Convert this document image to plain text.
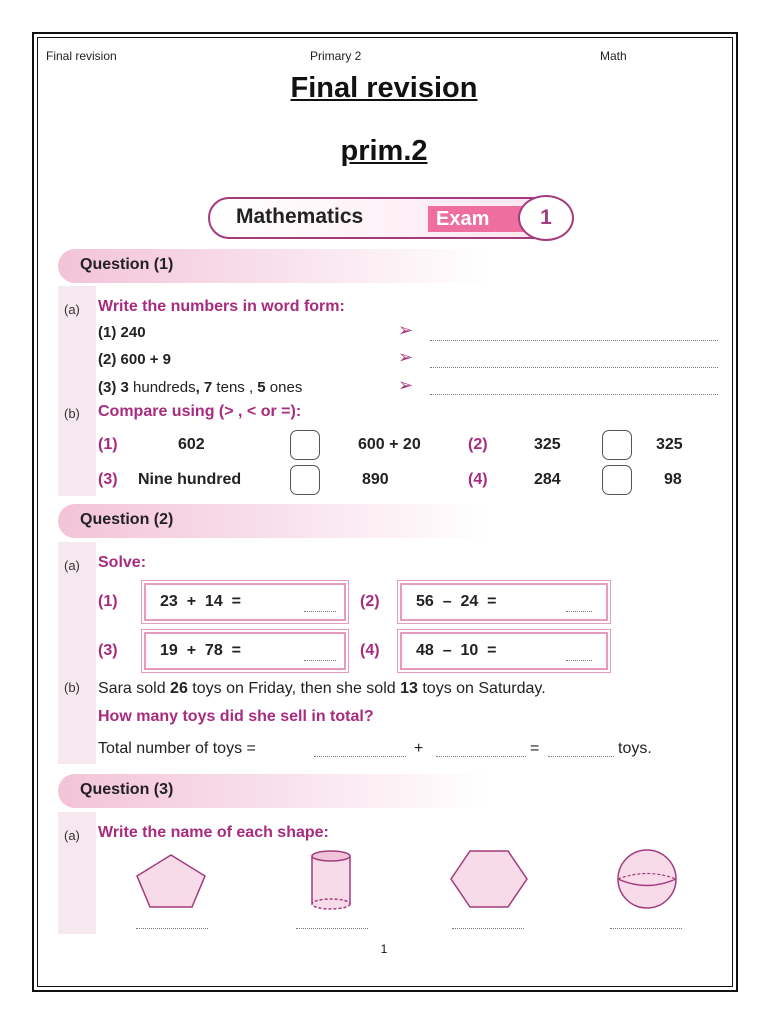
Final revision	Primary 2	Math
Final revision
prim.2
Mathematics	Exam	1
Question (1)
(a) Write the numbers in word form:
(1) 240	➢
(2) 600 + 9	➢
(3) 3 hundreds, 7 tens , 5 ones	➢
(b) Compare using (> , < or =):
(1)	602	600 + 20	(2)	325	325
(3) Nine hundred	890	(4)	284	98
Question (2)
(a) Solve:
(1)	23  +  14  =	(2) 56  –  24  =
(3)	19  +  78  =	(4) 48  –  10  =
(b) Sara sold 26 toys on Friday, then she sold 13 toys on Saturday.
How many toys did she sell in total?
Total number of toys =	+	=	toys.
Question (3)
(a) Write the name of each shape:
1
